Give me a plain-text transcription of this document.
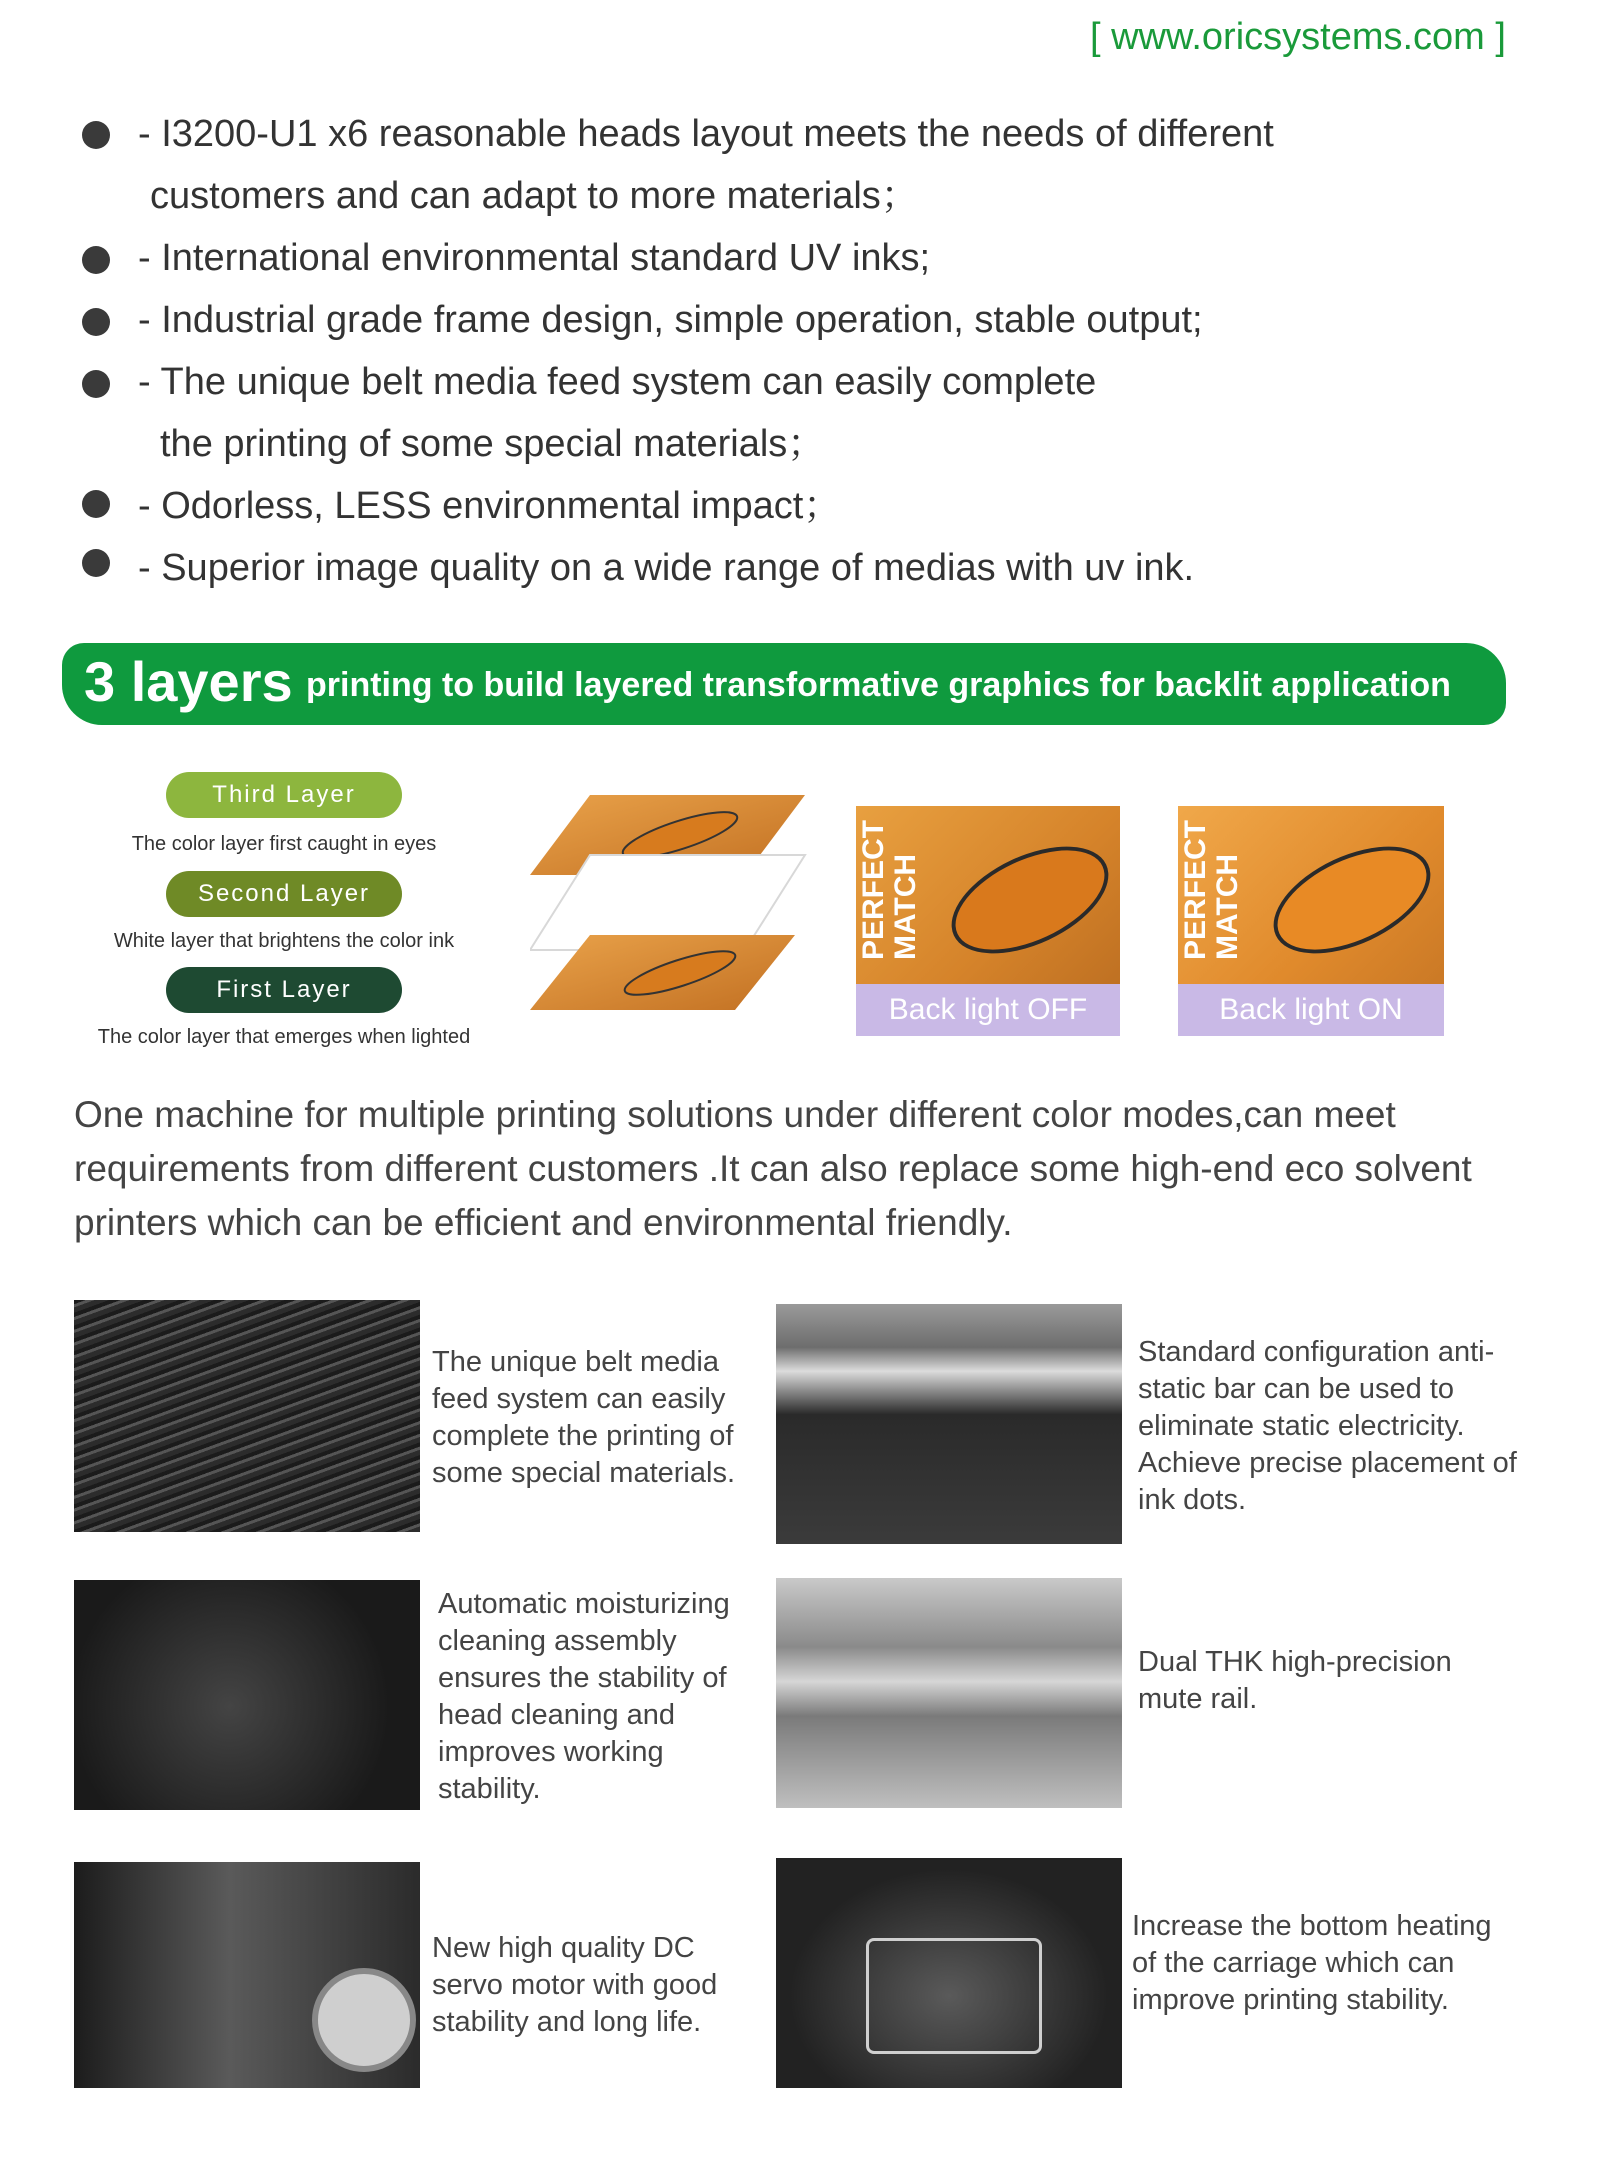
[ www.oricsystems.com ]
- I3200-U1 x6 reasonable heads layout meets the needs of different
customers and can adapt to more materials；
- International environmental standard UV inks;
- Industrial grade frame design, simple operation, stable output;
- The unique belt media feed system can easily complete
the printing of some special materials；
- Odorless, LESS environmental impact；
- Superior image quality on a wide range of medias with uv ink.
3 layers printing to build layered transformative graphics for backlit application
Third Layer
The color layer first caught in eyes
Second Layer
White layer that brightens the color ink
First Layer
The color layer that emerges when lighted
PERFECT MATCH
Back light OFF
PERFECT MATCH
Back light ON
One machine for multiple printing solutions under different color modes,can meet requirements from different customers .It can also replace some high-end eco solvent printers which can be efficient and environmental friendly.
The unique belt media feed system can easily complete the printing of some special materials.
Standard configuration anti-static bar can be used to eliminate static electricity. Achieve precise placement of ink dots.
Automatic moisturizing cleaning assembly ensures the stability of head cleaning and improves working stability.
Dual THK high-precision mute rail.
New high quality DC servo motor with good stability and long life.
Increase the bottom heating of the carriage which can improve printing stability.
